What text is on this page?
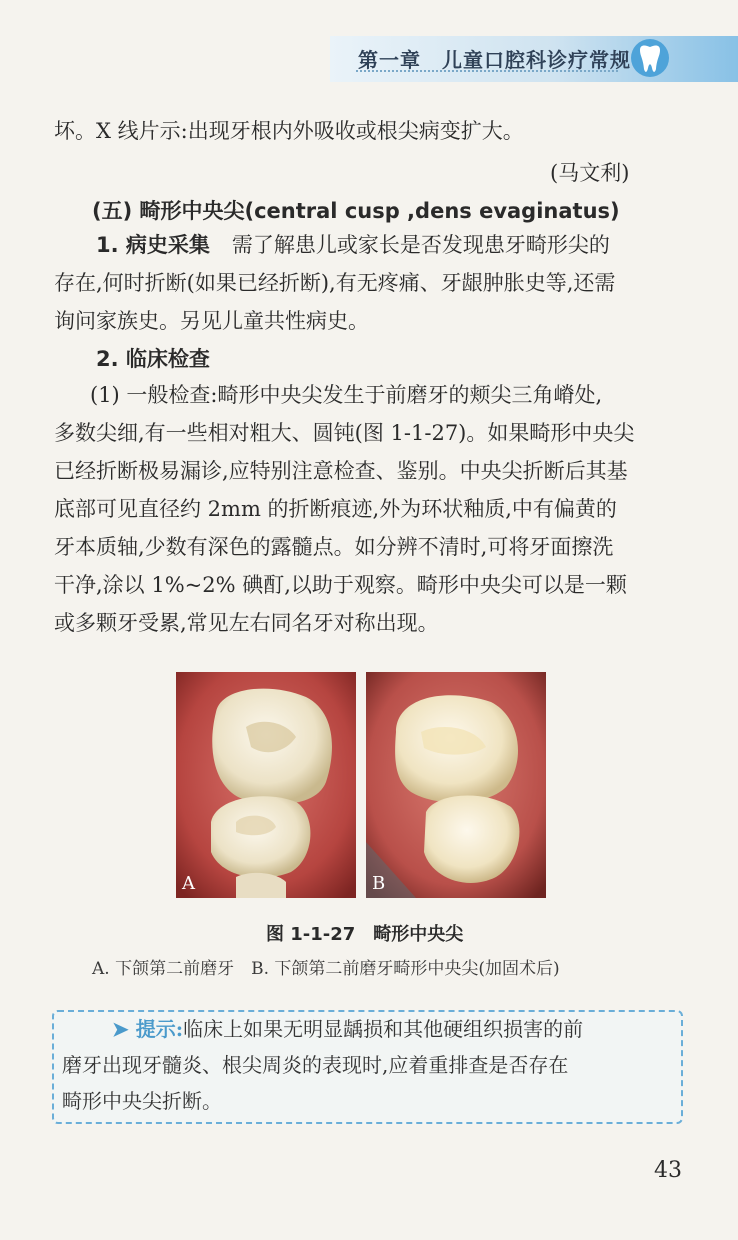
第一章　儿童口腔科诊疗常规
坏。X 线片示:出现牙根内外吸收或根尖病变扩大。
(马文利)
(五) 畸形中央尖(central cusp ,dens evaginatus)
1. 病史采集 需了解患儿或家长是否发现患牙畸形尖的
存在,何时折断(如果已经折断),有无疼痛、牙龈肿胀史等,还需
询问家族史。另见儿童共性病史。
2. 临床检查
(1) 一般检查:畸形中央尖发生于前磨牙的颊尖三角嵴处,
多数尖细,有一些相对粗大、圆钝(图 1-1-27)。如果畸形中央尖
已经折断极易漏诊,应特别注意检查、鉴别。中央尖折断后其基
底部可见直径约 2mm 的折断痕迹,外为环状釉质,中有偏黄的
牙本质轴,少数有深色的露髓点。如分辨不清时,可将牙面擦洗
干净,涂以 1%~2% 碘酊,以助于观察。畸形中央尖可以是一颗
或多颗牙受累,常见左右同名牙对称出现。
A	B
图 1-1-27　畸形中央尖
A. 下颌第二前磨牙　B. 下颌第二前磨牙畸形中央尖(加固术后)
➤ 提示:临床上如果无明显龋损和其他硬组织损害的前
磨牙出现牙髓炎、根尖周炎的表现时,应着重排查是否存在
畸形中央尖折断。
43
